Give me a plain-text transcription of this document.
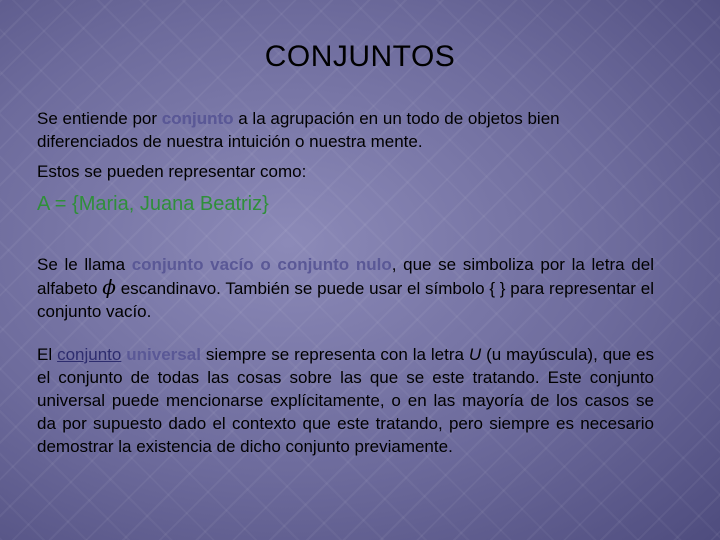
CONJUNTOS
Se entiende por conjunto a la agrupación en un todo de objetos bien diferenciados de nuestra intuición o nuestra mente.
Estos se pueden representar como:
A = {Maria, Juana Beatriz}
Se le llama conjunto vacío o conjunto nulo, que se simboliza por la letra del alfabeto ϕ escandinavo. También se puede usar el símbolo { } para representar el conjunto vacío.
El conjunto universal siempre se representa con la letra U (u mayúscula), que es el conjunto de todas las cosas sobre las que se este tratando. Este conjunto universal puede mencionarse explícitamente, o en las mayoría de los casos se da por supuesto dado el contexto que este tratando, pero siempre es necesario demostrar la existencia de dicho conjunto previamente.
